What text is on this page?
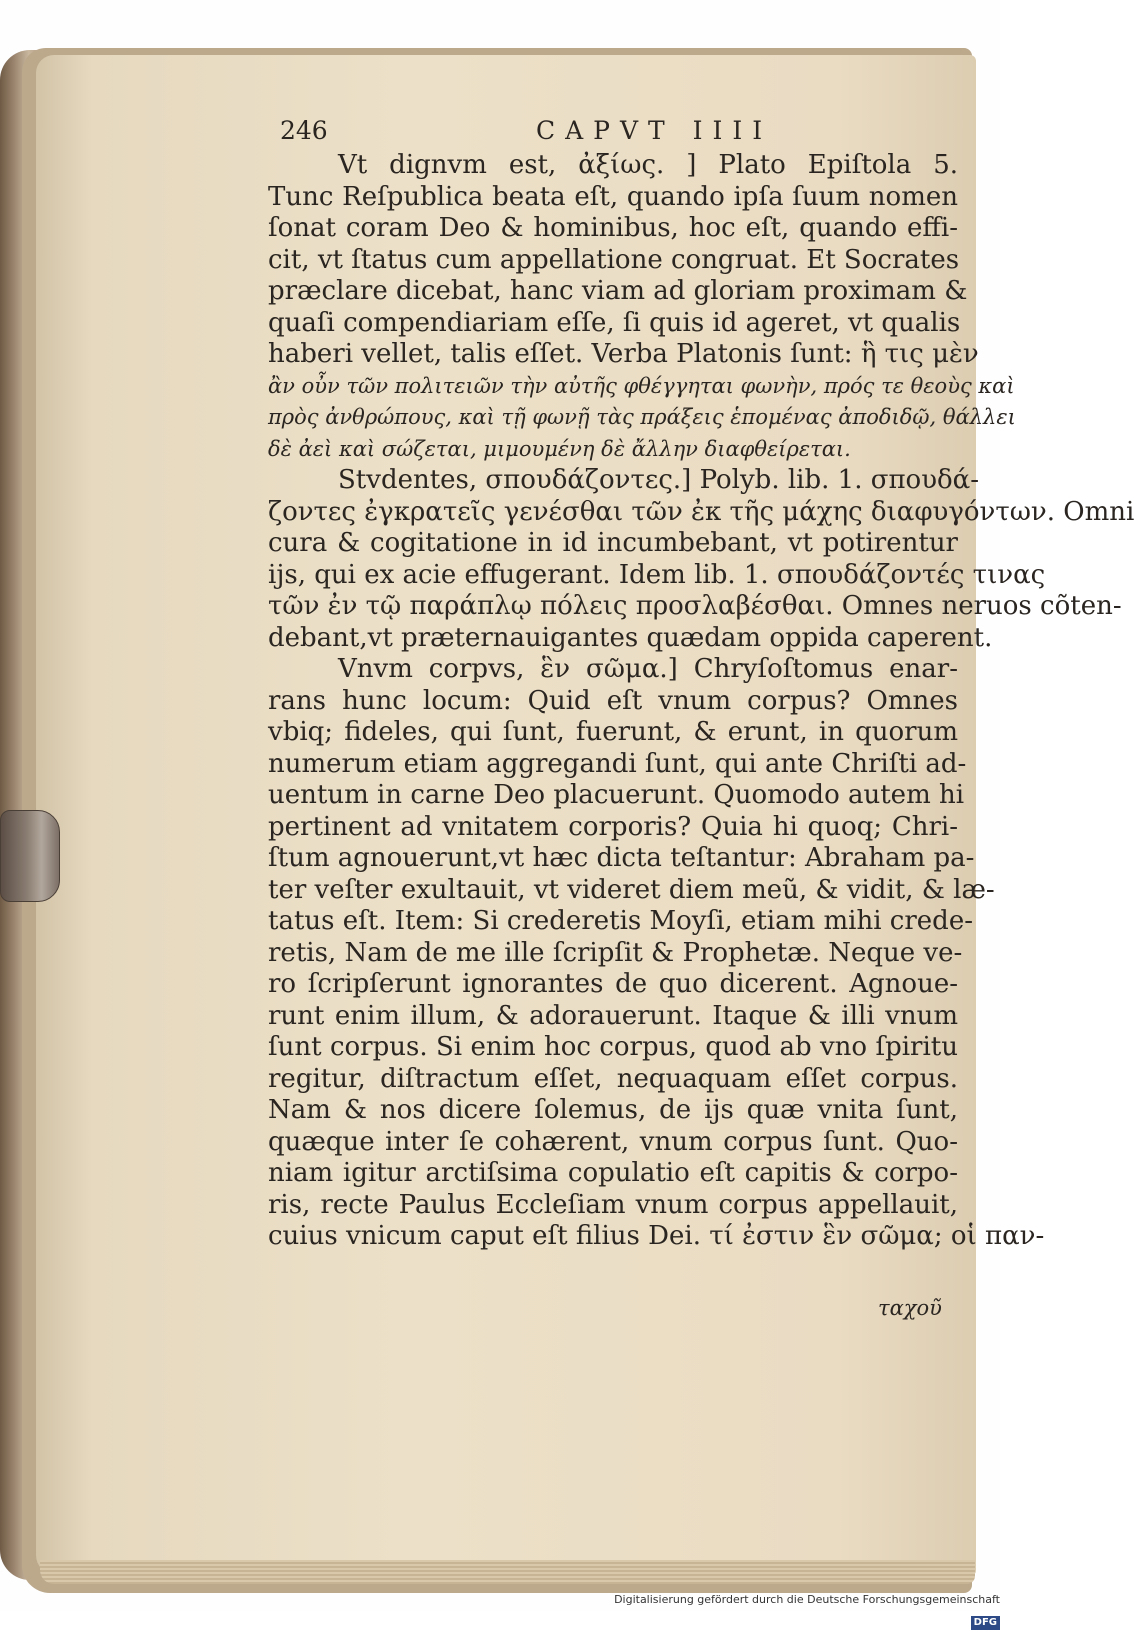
246	CAPVT IIII
Vt dignvm est, ἀξίως. ] Plato Epiſtola 5.
Tunc Reſpublica beata eſt, quando ipſa ſuum nomen
ſonat coram Deo & hominibus, hoc eſt, quando effi-
cit, vt ſtatus cum appellatione congruat. Et Socrates
præclare dicebat, hanc viam ad gloriam proximam &
quaſi compendiariam eſſe, ſi quis id ageret, vt qualis
haberi vellet, talis eſſet. Verba Platonis ſunt: ἣ τις μὲν
ἂν οὖν τῶν πολιτειῶν τὴν αὐτῆς φθέγγηται φωνὴν, πρός τε θεοὺς καὶ
πρὸς ἀνθρώπους, καὶ τῇ φωνῇ τὰς πράξεις ἑπομένας ἀποδιδῷ, θάλλει
δὲ ἀεὶ καὶ σώζεται, μιμουμένη δὲ ἄλλην διαφθείρεται.
Stvdentes, σπουδάζοντες.] Polyb. lib. 1. σπουδά-
ζοντες ἐγκρατεῖς γενέσθαι τῶν ἐκ τῆς μάχης διαφυγόντων. Omni
cura & cogitatione in id incumbebant, vt potirentur
ijs, qui ex acie effugerant. Idem lib. 1. σπουδάζοντές τινας
τῶν ἐν τῷ παράπλῳ πόλεις προσλαβέσθαι. Omnes neruos cõten-
debant,vt præternauigantes quædam oppida caperent.
Vnvm corpvs, ἓν σῶμα.] Chryſoſtomus enar-
rans hunc locum: Quid eſt vnum corpus? Omnes
vbiq; fideles, qui ſunt, fuerunt, & erunt, in quorum
numerum etiam aggregandi ſunt, qui ante Chriſti ad-
uentum in carne Deo placuerunt. Quomodo autem hi
pertinent ad vnitatem corporis? Quia hi quoq; Chri-
ſtum agnouerunt,vt hæc dicta teſtantur: Abraham pa-
ter veſter exultauit, vt videret diem meũ, & vidit, & læ-
tatus eſt. Item: Si crederetis Moyſi, etiam mihi crede-
retis, Nam de me ille ſcripſit & Prophetæ. Neque ve-
ro ſcripſerunt ignorantes de quo dicerent. Agnoue-
runt enim illum, & adorauerunt. Itaque & illi vnum
ſunt corpus. Si enim hoc corpus, quod ab vno ſpiritu
regitur, diſtractum eſſet, nequaquam eſſet corpus.
Nam & nos dicere ſolemus, de ijs quæ vnita ſunt,
quæque inter ſe cohærent, vnum corpus ſunt. Quo-
niam igitur arctiſsima copulatio eſt capitis & corpo-
ris, recte Paulus Eccleſiam vnum corpus appellauit,
cuius vnicum caput eſt filius Dei. τί ἐστιν ἓν σῶμα; οἱ παν-
ταχοῦ
Digitalisierung gefördert durch die Deutsche Forschungsgemeinschaft DFG
